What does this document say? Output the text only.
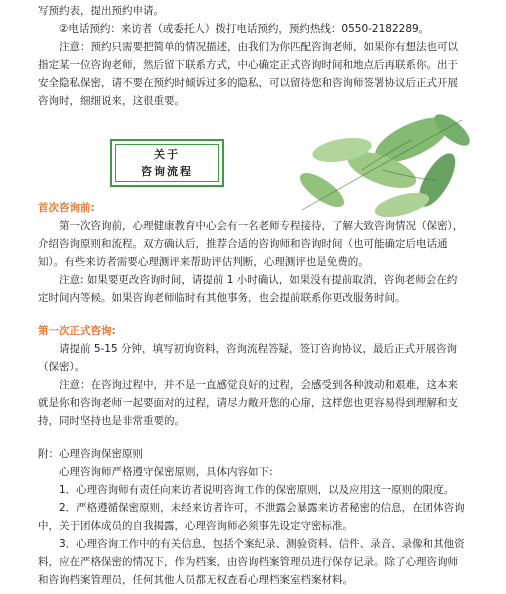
写预约表，提出预约申请。

②电话预约：来访者（或委托人）拨打电话预约，预约热线：0550-2182289。

注意：预约只需要把简单的情况描述，由我们为你匹配咨询老师，如果你有想法也可以指定某一位咨询老师，然后留下联系方式，中心确定正式咨询时间和地点后再联系你。出于安全隐私保密，请不要在预约时倾诉过多的隐私，可以留待您和咨询师签署协议后正式开展咨询时，细细说来，这很重要。

关于
咨询流程

首次咨询前:

第一次咨询前，心理健康教育中心会有一名老师专程接待，了解大致咨询情况（保密），介绍咨询原则和流程。双方确认后，推荐合适的咨询师和咨询时间（也可能确定后电话通知）。有些来访者需要心理测评来帮助评估判断，心理测评也是免费的。

注意: 如果要更改咨询时间，请提前 1 小时确认，如果没有提前取消，咨询老师会在约定时间内等候。如果咨询老师临时有其他事务，也会提前联系你更改服务时间。

第一次正式咨询:

请提前 5-15 分钟，填写初询资料，咨询流程答疑，签订咨询协议，最后正式开展咨询（保密）。

注意：在咨询过程中，并不是一直感觉良好的过程，会感受到各种波动和艰难，这本来就是你和咨询老师一起要面对的过程，请尽力敞开您的心扉，这样您也更容易得到理解和支持，同时坚持也是非常重要的。

附：心理咨询保密原则

心理咨询师严格遵守保密原则，具体内容如下:

1．心理咨询师有责任向来访者说明咨询工作的保密原则，以及应用这一原则的限度。

2．严格遵循保密原则，未经来访者许可，不泄露会暴露来访者秘密的信息，在团体咨询中，关于团体成员的自我揭露，心理咨询师必须事先设定守密标准。

3．心理咨询工作中的有关信息，包括个案纪录、测验资料、信件、录音、录像和其他资料，应在严格保密的情况下，作为档案，由咨询档案管理员进行保存记录。除了心理咨询师和咨询档案管理员，任何其他人员都无权查看心理档案室档案材料。
